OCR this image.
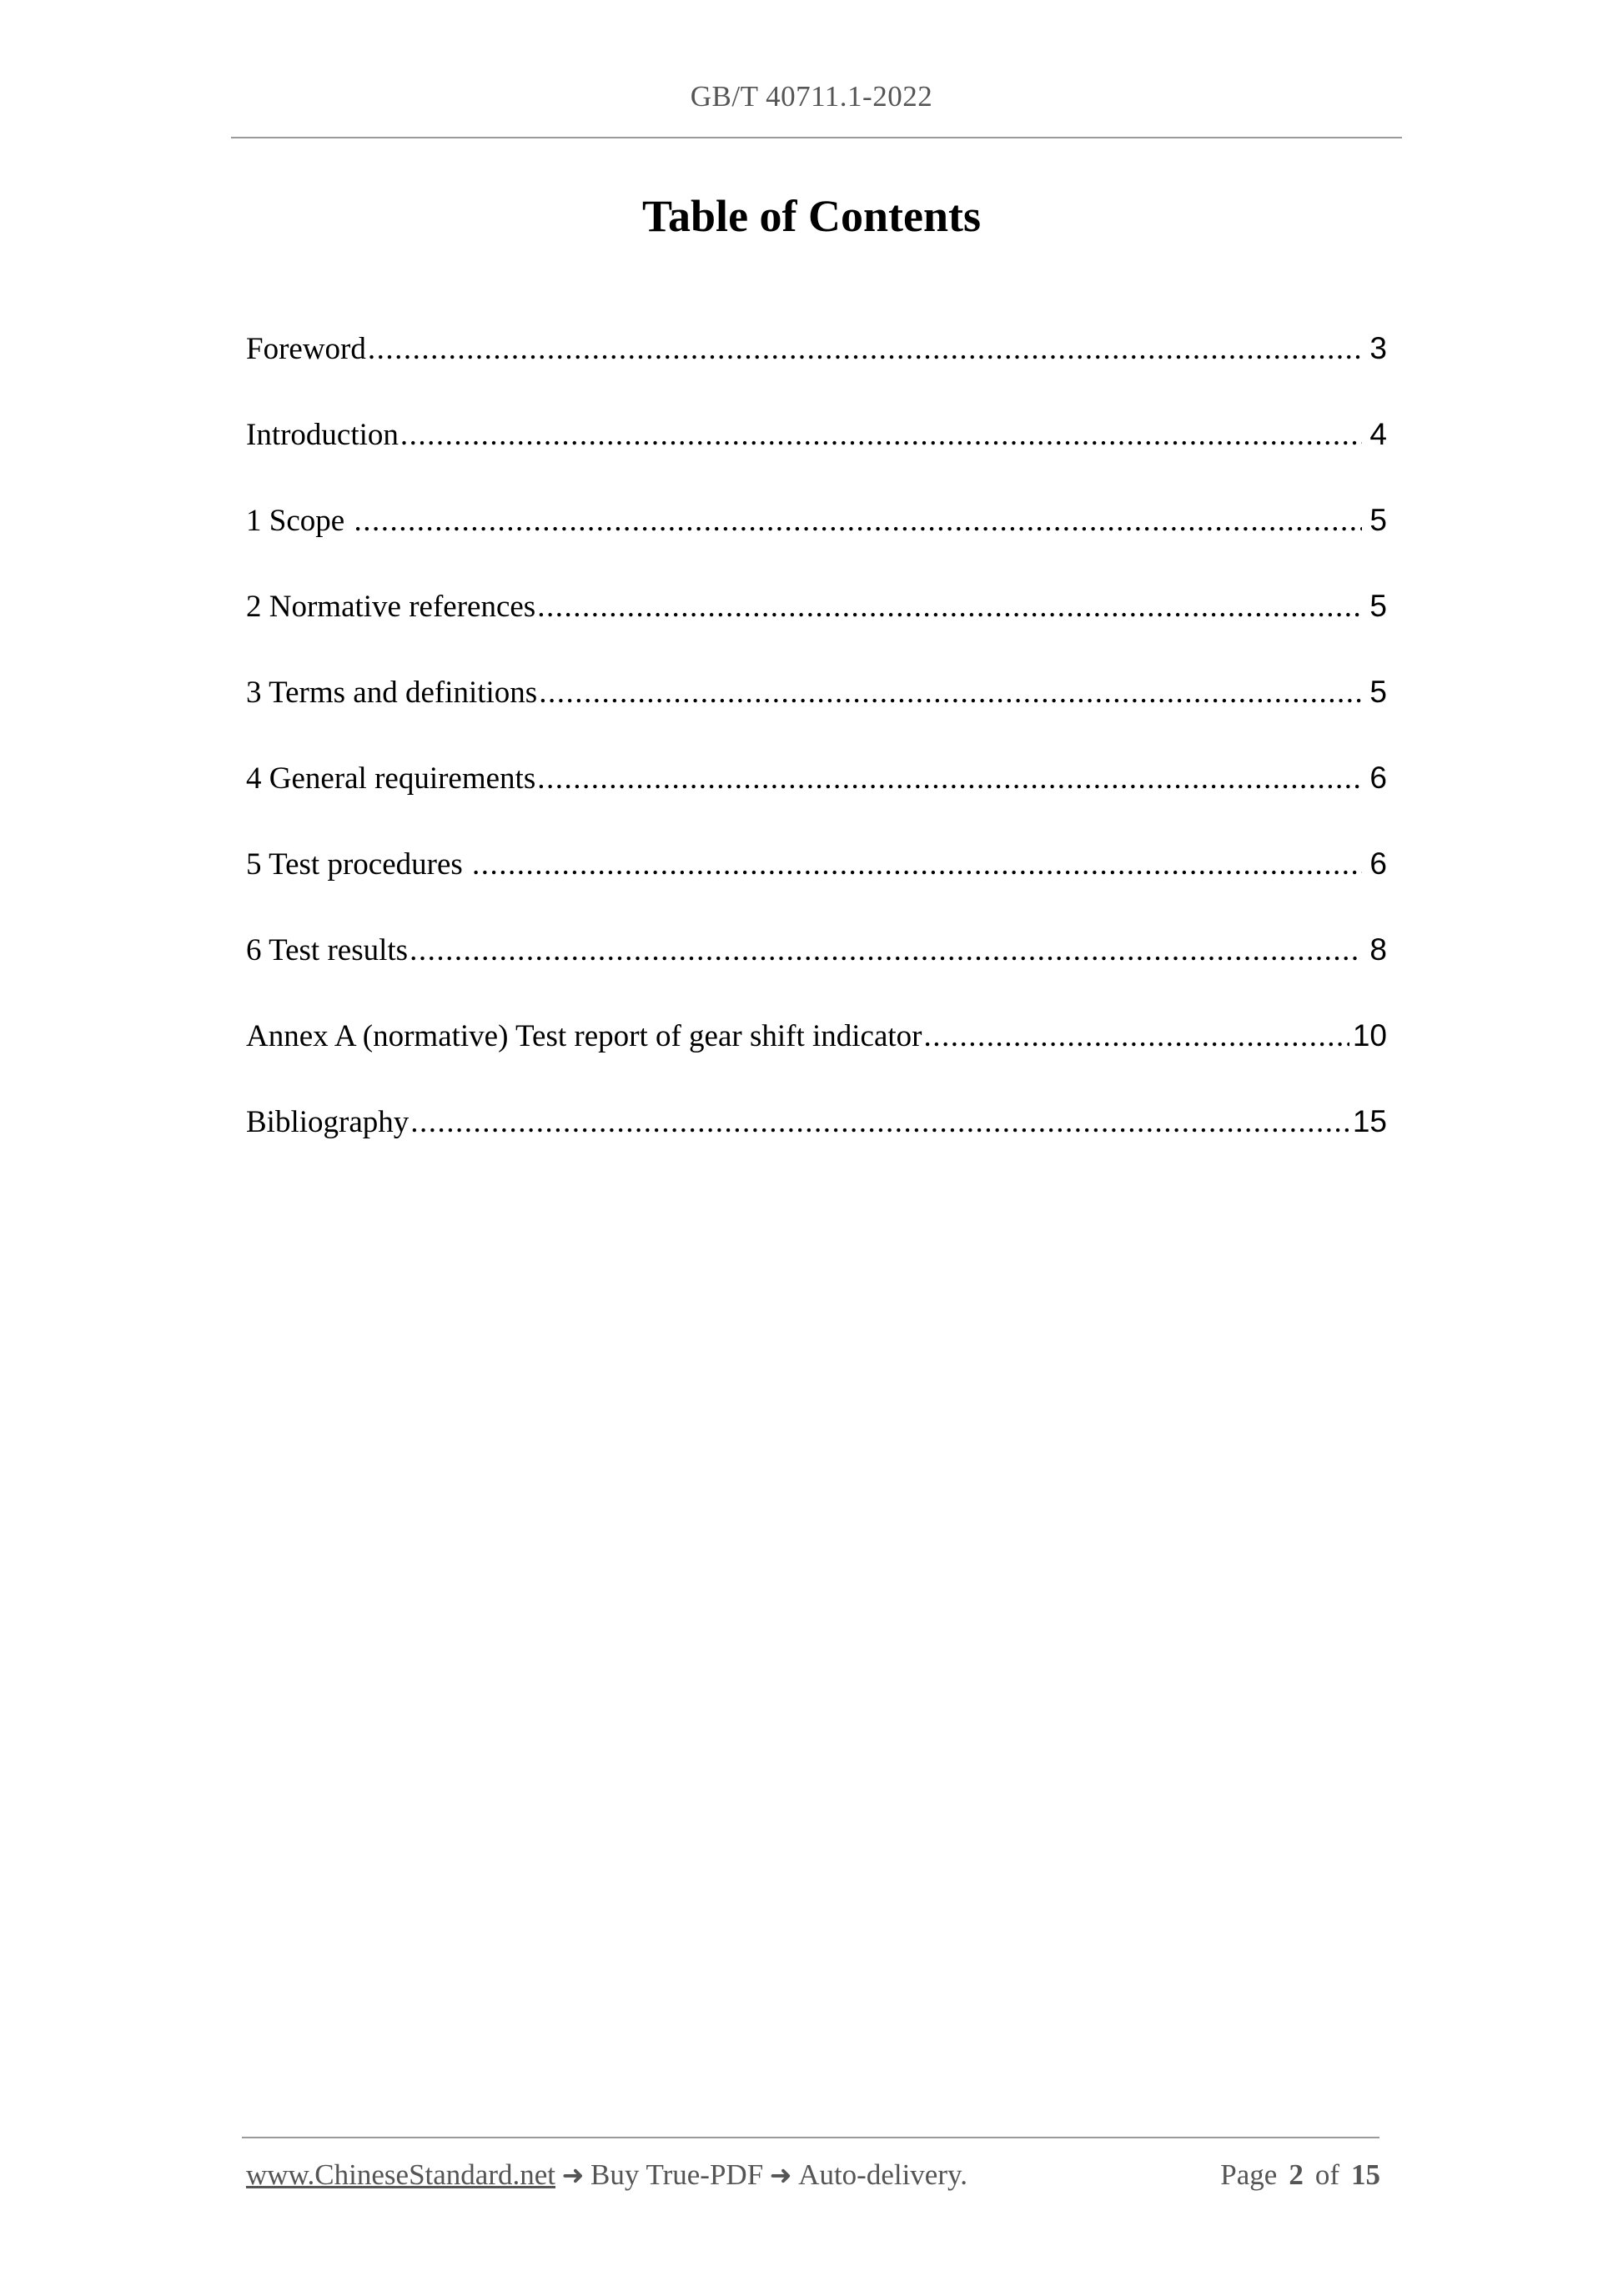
GB/T 40711.1-2022
Table of Contents
Foreword .....	3
Introduction .....	4
1 Scope .....	5
2 Normative references .....	5
3 Terms and definitions .....	5
4 General requirements .....	6
5 Test procedures .....	6
6 Test results .....	8
Annex A (normative) Test report of gear shift indicator .....	10
Bibliography .....	15
www.ChineseStandard.net ➜ Buy True-PDF ➜ Auto-delivery.	Page 2 of 15
